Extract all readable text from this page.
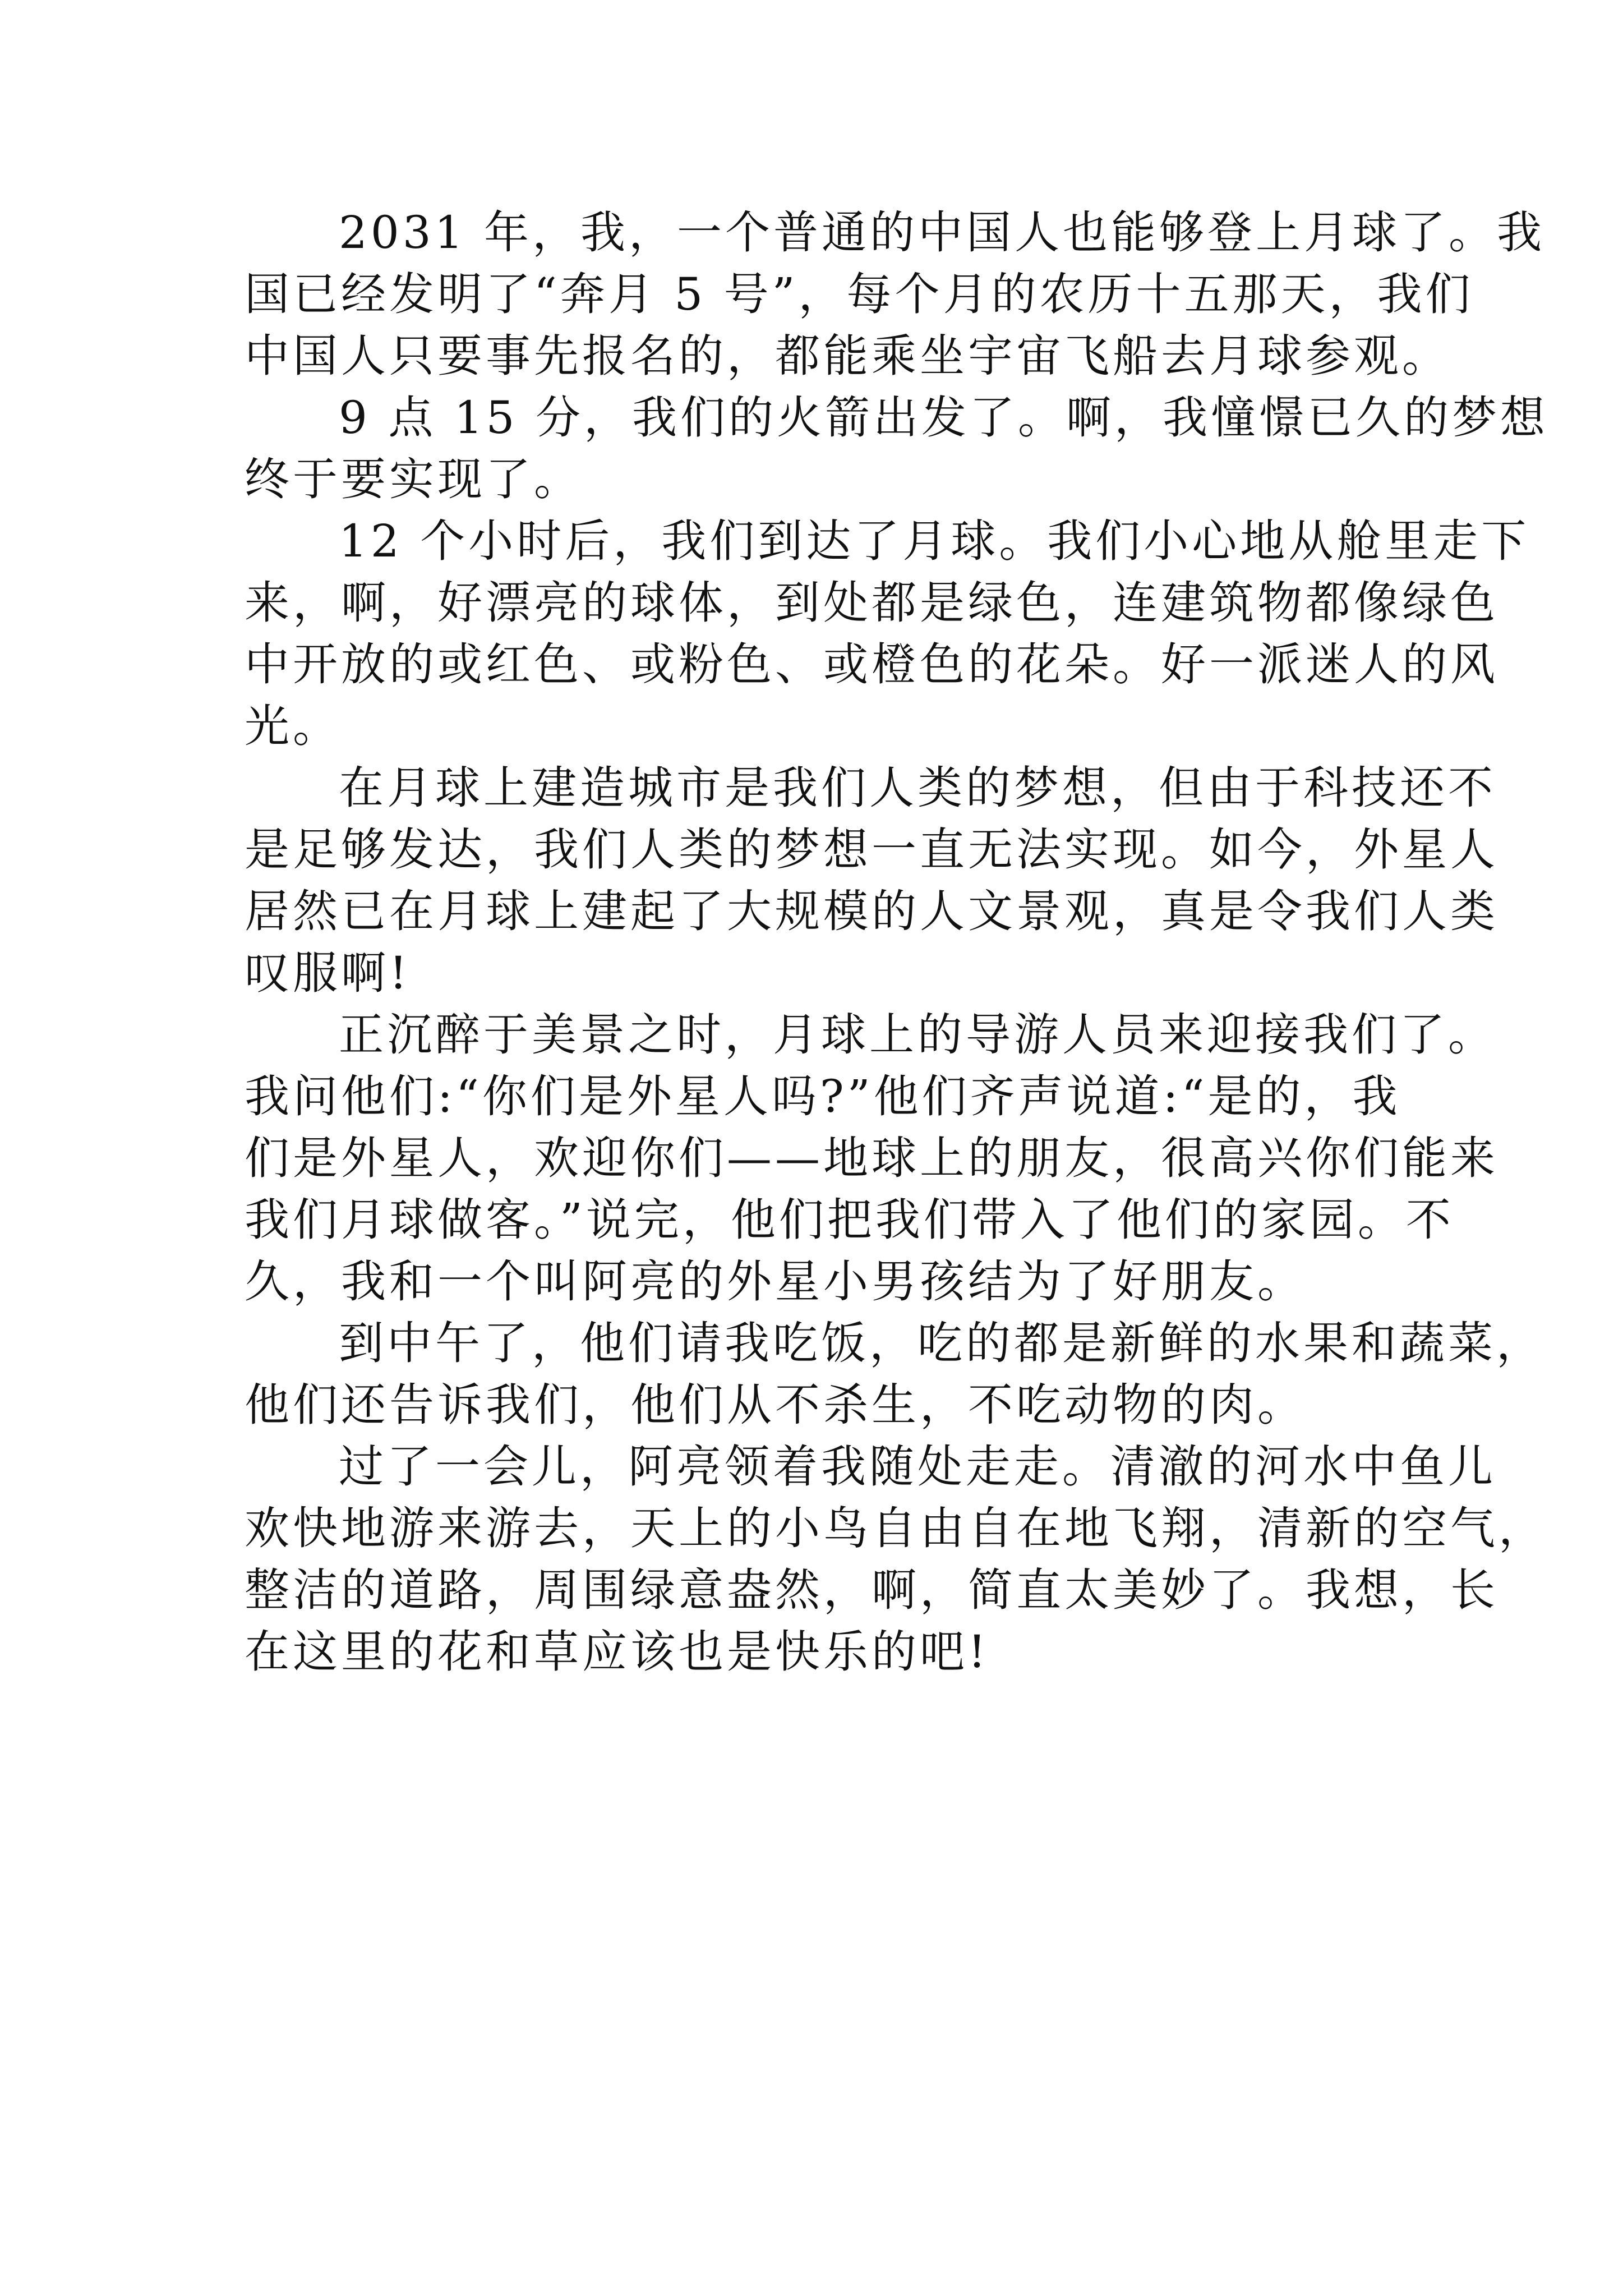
2031 年，我，一个普通的中国人也能够登上月球了。我
国已经发明了“奔月 5 号”，每个月的农历十五那天，我们
中国人只要事先报名的，都能乘坐宇宙飞船去月球参观。
9 点 15 分，我们的火箭出发了。啊，我憧憬已久的梦想
终于要实现了。
12 个小时后，我们到达了月球。我们小心地从舱里走下
来，啊，好漂亮的球体，到处都是绿色，连建筑物都像绿色
中开放的或红色、或粉色、或橙色的花朵。好一派迷人的风
光。
在月球上建造城市是我们人类的梦想，但由于科技还不
是足够发达，我们人类的梦想一直无法实现。如今，外星人
居然已在月球上建起了大规模的人文景观，真是令我们人类
叹服啊!
正沉醉于美景之时，月球上的导游人员来迎接我们了。
我问他们:“你们是外星人吗?”他们齐声说道:“是的，我
们是外星人，欢迎你们——地球上的朋友，很高兴你们能来
我们月球做客。”说完，他们把我们带入了他们的家园。不
久，我和一个叫阿亮的外星小男孩结为了好朋友。
到中午了，他们请我吃饭，吃的都是新鲜的水果和蔬菜，
他们还告诉我们，他们从不杀生，不吃动物的肉。
过了一会儿，阿亮领着我随处走走。清澈的河水中鱼儿
欢快地游来游去，天上的小鸟自由自在地飞翔，清新的空气，
整洁的道路，周围绿意盎然，啊，简直太美妙了。我想，长
在这里的花和草应该也是快乐的吧!
